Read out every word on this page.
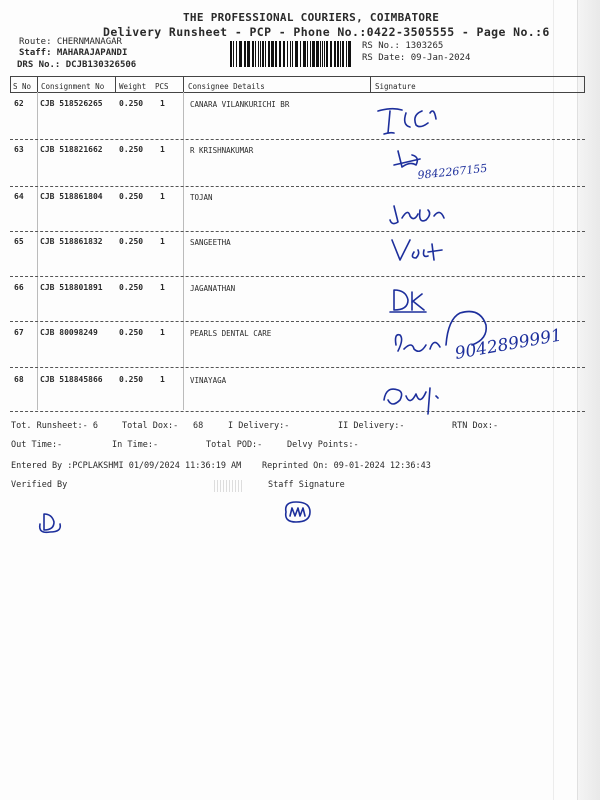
THE PROFESSIONAL COURIERS, COIMBATORE
Delivery Runsheet - PCP - Phone No.:0422-3505555 - Page No.:6
Route: CHERNMANAGAR
Staff: MAHARAJAPANDI
DRS No.: DCJB130326506
RS No.: 1303265
RS Date: 09-Jan-2024
S No Consignment No Weight PCS	Consignee Details	Signature
62 CJB 518526265 0.250 1	CANARA VILANKURICHI BR
63 CJB 518821662 0.250 1	R KRISHNAKUMAR
64 CJB 518861804 0.250 1	TOJAN
65 CJB 518861832 0.250 1	SANGEETHA
66 CJB 518801891 0.250 1	JAGANATHAN
67 CJB 80098249	0.250 1	PEARLS DENTAL CARE
68 CJB 518845866 0.250 1	VINAYAGA
9842267155
9042899991
Tot. Runsheet:- 6	Total Dox:- 68	I Delivery:-	II Delivery:-	RTN Dox:-
Out Time:-	In Time:-	Total POD:-	Delvy Points:-
Entered By :PCPLAKSHMI 01/09/2024 11:36:19 AM Reprinted On: 09-01-2024 12:36:43
Verified By	Staff Signature
